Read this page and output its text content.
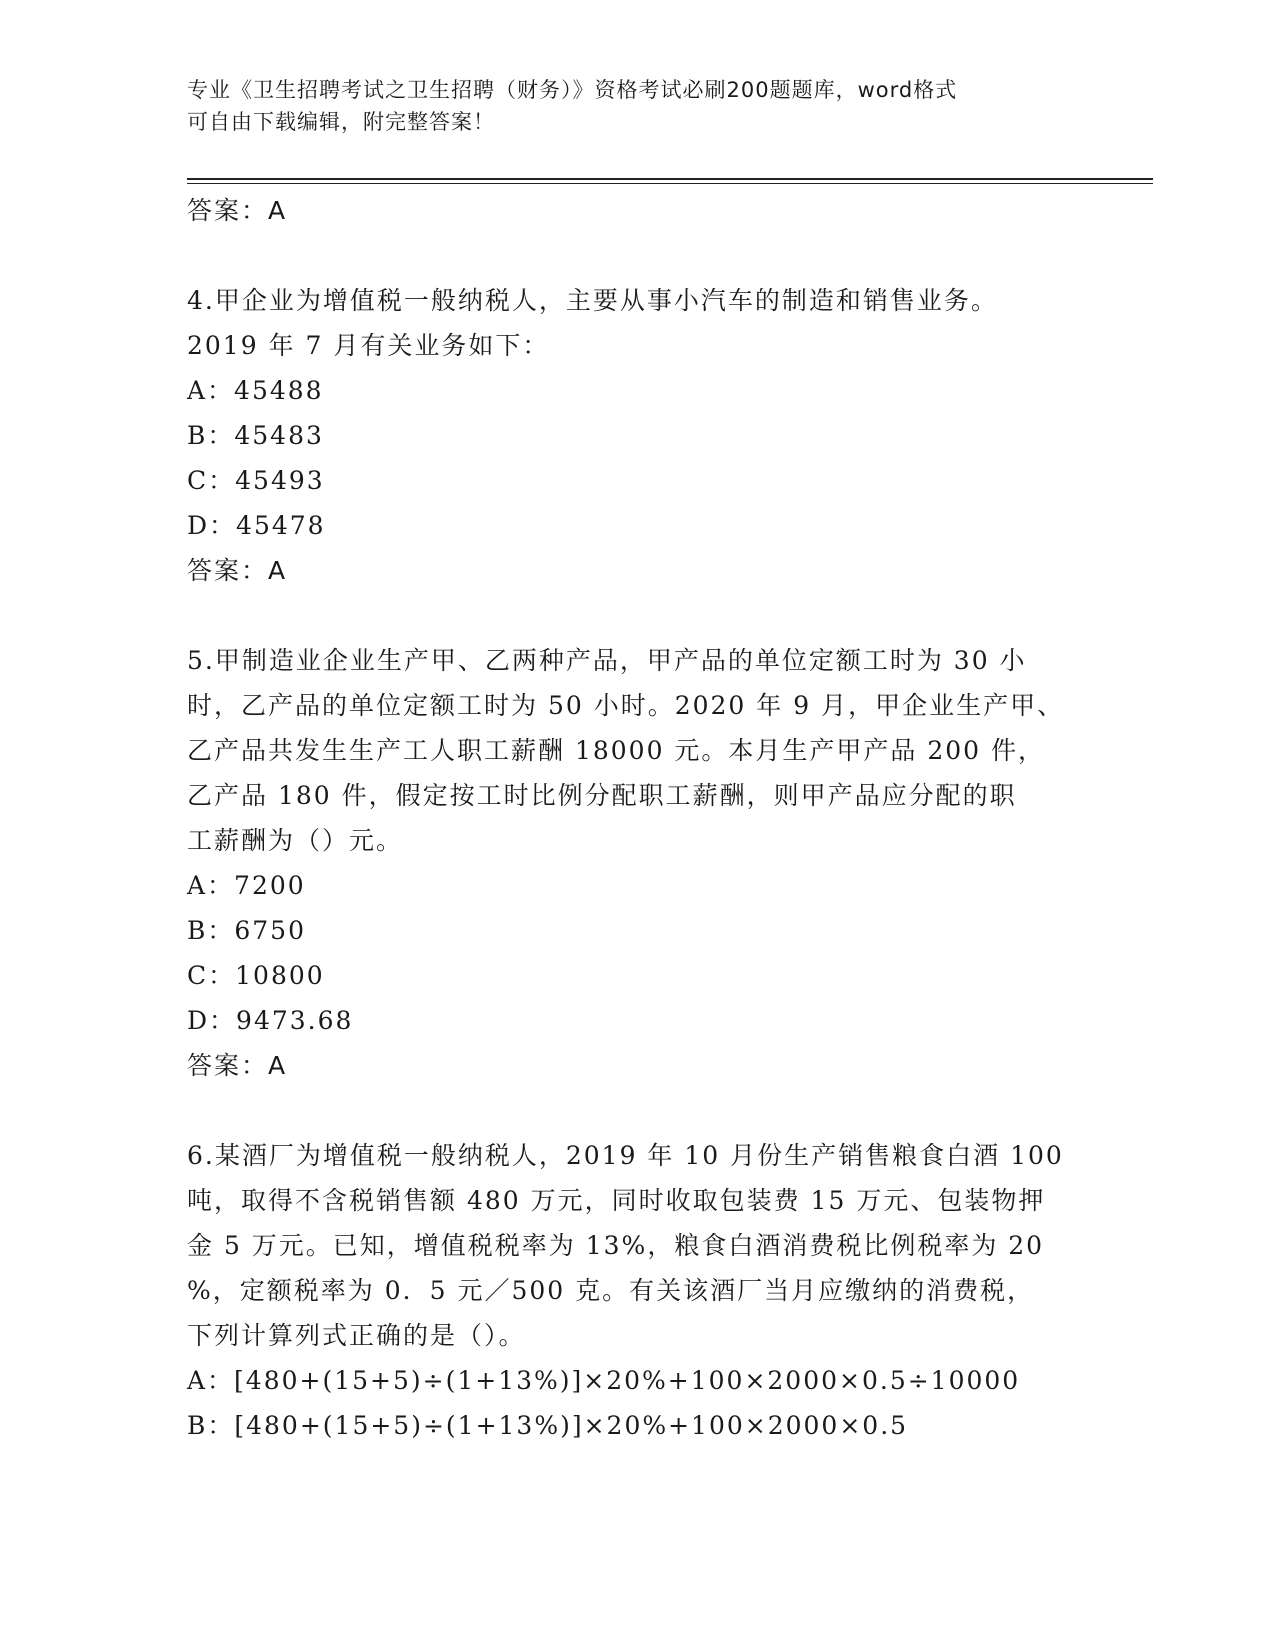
专业《卫生招聘考试之卫生招聘（财务）》资格考试必刷200题题库，word格式
可自由下载编辑，附完整答案！
答案：A
4.甲企业为增值税一般纳税人，主要从事小汽车的制造和销售业务。
2019 年 7 月有关业务如下：
A：45488
B：45483
C：45493
D：45478
答案：A
5.甲制造业企业生产甲、乙两种产品，甲产品的单位定额工时为 30 小
时，乙产品的单位定额工时为 50 小时。2020 年 9 月，甲企业生产甲、
乙产品共发生生产工人职工薪酬 18000 元。本月生产甲产品 200 件，
乙产品 180 件，假定按工时比例分配职工薪酬，则甲产品应分配的职
工薪酬为（）元。
A：7200
B：6750
C：10800
D：9473.68
答案：A
6.某酒厂为增值税一般纳税人，2019 年 10 月份生产销售粮食白酒 100
吨，取得不含税销售额 480 万元，同时收取包装费 15 万元、包装物押
金 5 万元。已知，增值税税率为 13%，粮食白酒消费税比例税率为 20
%，定额税率为 0．5 元／500 克。有关该酒厂当月应缴纳的消费税，
下列计算列式正确的是（）。
A：[480+(15+5)÷(1+13%)]×20%+100×2000×0.5÷10000
B：[480+(15+5)÷(1+13%)]×20%+100×2000×0.5
